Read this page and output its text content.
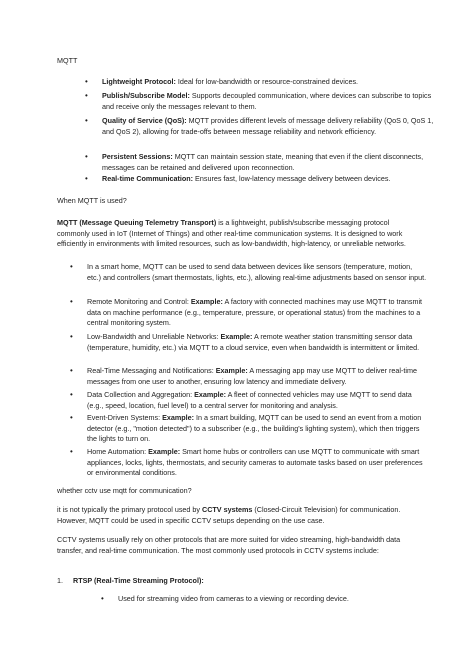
MQTT
• Lightweight Protocol: Ideal for low-bandwidth or resource-constrained devices.
• Publish/Subscribe Model: Supports decoupled communication, where devices can subscribe to topics and receive only the messages relevant to them.
• Quality of Service (QoS): MQTT provides different levels of message delivery reliability (QoS 0, QoS 1, and QoS 2), allowing for trade-offs between message reliability and network efficiency.
• Persistent Sessions: MQTT can maintain session state, meaning that even if the client disconnects, messages can be retained and delivered upon reconnection.
• Real-time Communication: Ensures fast, low-latency message delivery between devices.
When MQTT is used?
MQTT (Message Queuing Telemetry Transport) is a lightweight, publish/subscribe messaging protocol commonly used in IoT (Internet of Things) and other real-time communication systems. It is designed to work efficiently in environments with limited resources, such as low-bandwidth, high-latency, or unreliable networks.
• In a smart home, MQTT can be used to send data between devices like sensors (temperature, motion, etc.) and controllers (smart thermostats, lights, etc.), allowing real-time adjustments based on sensor input.
• Remote Monitoring and Control: Example: A factory with connected machines may use MQTT to transmit data on machine performance (e.g., temperature, pressure, or operational status) from the machines to a central monitoring system.
• Low-Bandwidth and Unreliable Networks: Example: A remote weather station transmitting sensor data (temperature, humidity, etc.) via MQTT to a cloud service, even when bandwidth is intermittent or limited.
• Real-Time Messaging and Notifications: Example: A messaging app may use MQTT to deliver real-time messages from one user to another, ensuring low latency and immediate delivery.
• Data Collection and Aggregation: Example: A fleet of connected vehicles may use MQTT to send data (e.g., speed, location, fuel level) to a central server for monitoring and analysis.
• Event-Driven Systems: Example: In a smart building, MQTT can be used to send an event from a motion detector (e.g., "motion detected") to a subscriber (e.g., the building's lighting system), which then triggers the lights to turn on.
• Home Automation: Example: Smart home hubs or controllers can use MQTT to communicate with smart appliances, locks, lights, thermostats, and security cameras to automate tasks based on user preferences or environmental conditions.
whether cctv use mqtt for communication?
it is not typically the primary protocol used by CCTV systems (Closed-Circuit Television) for communication. However, MQTT could be used in specific CCTV setups depending on the use case.
CCTV systems usually rely on other protocols that are more suited for video streaming, high-bandwidth data transfer, and real-time communication. The most commonly used protocols in CCTV systems include:
1. RTSP (Real-Time Streaming Protocol):
• Used for streaming video from cameras to a viewing or recording device.
